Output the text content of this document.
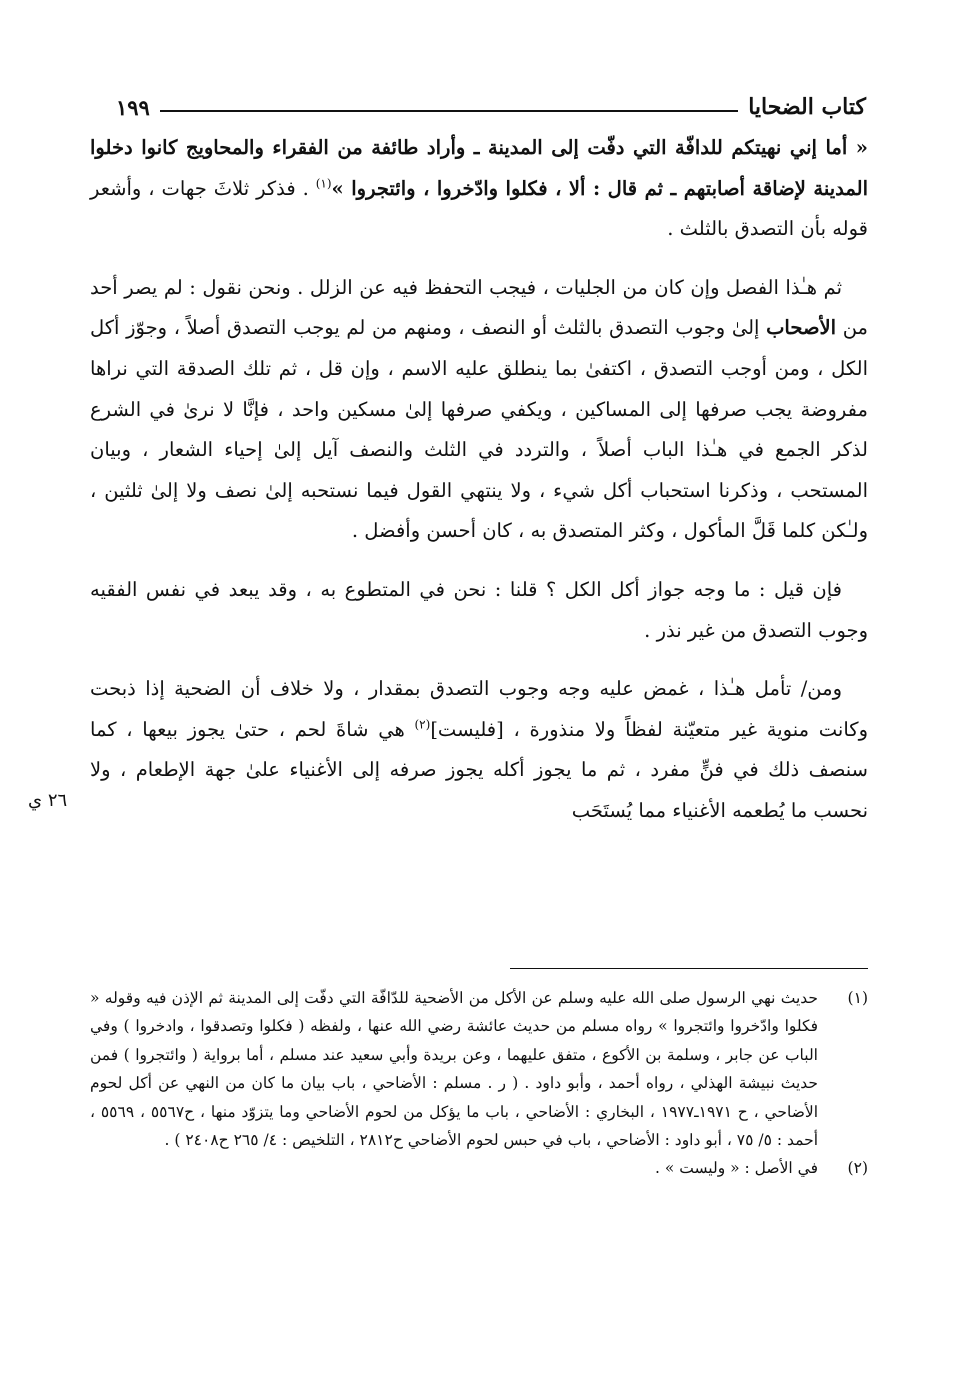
كتاب الضحايا
١٩٩
٢٦ ي

« أما إني نهيتكم للدافّة التي دفّت إلى المدينة ـ وأراد طائفة من الفقراء والمحاويج كانوا دخلوا المدينة لإضاقة أصابتهم ـ ثم قال : ألا ، فكلوا وادّخروا ، وائتجروا »$^{(١)}$ . فذكر ثلاثَ جهات ، وأشعر قوله بأن التصدق بالثلث .

ثم هـٰذا الفصل وإن كان من الجليات ، فيجب التحفظ فيه عن الزلل . ونحن نقول : لم يصر أحد من الأصحاب إلىٰ وجوب التصدق بالثلث أو النصف ، ومنهم من لم يوجب التصدق أصلاً ، وجوّز أكل الكل ، ومن أوجب التصدق ، اكتفىٰ بما ينطلق عليه الاسم ، وإن قل ، ثم تلك الصدقة التي نراها مفروضة يجب صرفها إلى المساكين ، ويكفي صرفها إلىٰ مسكين واحد ، فإنَّا لا نرىٰ في الشرع لذكر الجمع في هـٰذا الباب أصلاً ، والتردد في الثلث والنصف آيل إلىٰ إحياء الشعار ، وبيان المستحب ، وذكرنا استحباب أكل شيء ، ولا ينتهي القول فيما نستحبه إلىٰ نصف ولا إلىٰ ثلثين ، ولـٰكن كلما قَلَّ المأكول ، وكثر المتصدق به ، كان أحسن وأفضل .

فإن قيل : ما وجه جواز أكل الكل ؟ قلنا : نحن في المتطوع به ، وقد يبعد في نفس الفقيه وجوب التصدق من غير نذر .

ومن/ تأمل هـٰذا ، غمض عليه وجه وجوب التصدق بمقدار ، ولا خلاف أن الضحية إذا ذبحت وكانت منوية غير متعيّنة لفظاً ولا منذورة ، [فليست]$^{(٢)}$ هي شاةَ لحم ، حتىٰ يجوز بيعها ، كما سنصف ذلك في فنٍّ مفرد ، ثم ما يجوز أكله يجوز صرفه إلى الأغنياء علىٰ جهة الإطعام ، ولا نحسب ما يُطعمه الأغنياء مما يُستَحَب

(١)
حديث نهي الرسول صلى الله عليه وسلم عن الأكل من الأضحية للدّافّة التي دفّت إلى المدينة ثم الإذن فيه وقوله « فكلوا وادّخروا وائتجروا » رواه مسلم من حديث عائشة رضي الله عنها ، ولفظه ( فكلوا وتصدقوا ، وادخروا ) وفي الباب عن جابر ، وسلمة بن الأكوع ، متفق عليهما ، وعن بريدة وأبي سعيد عند مسلم ، أما برواية ( وائتجروا ) فمن حديث نبيشة الهذلي ، رواه أحمد ، وأبو داود . ( ر . مسلم : الأضاحي ، باب بيان ما كان من النهي عن أكل لحوم الأضاحي ، ح ١٩٧١ـ١٩٧٧ ، البخاري : الأضاحي ، باب ما يؤكل من لحوم الأضاحي وما يتزوّد منها ، ح٥٥٦٧ ، ٥٥٦٩ ، أحمد : ٥/ ٧٥ ، أبو داود : الأضاحي ، باب في حبس لحوم الأضاحي ح٢٨١٢ ، التلخيص : ٤/ ٢٦٥ ح٢٤٠٨ ) .
(٢)
في الأصل : « وليست » .
